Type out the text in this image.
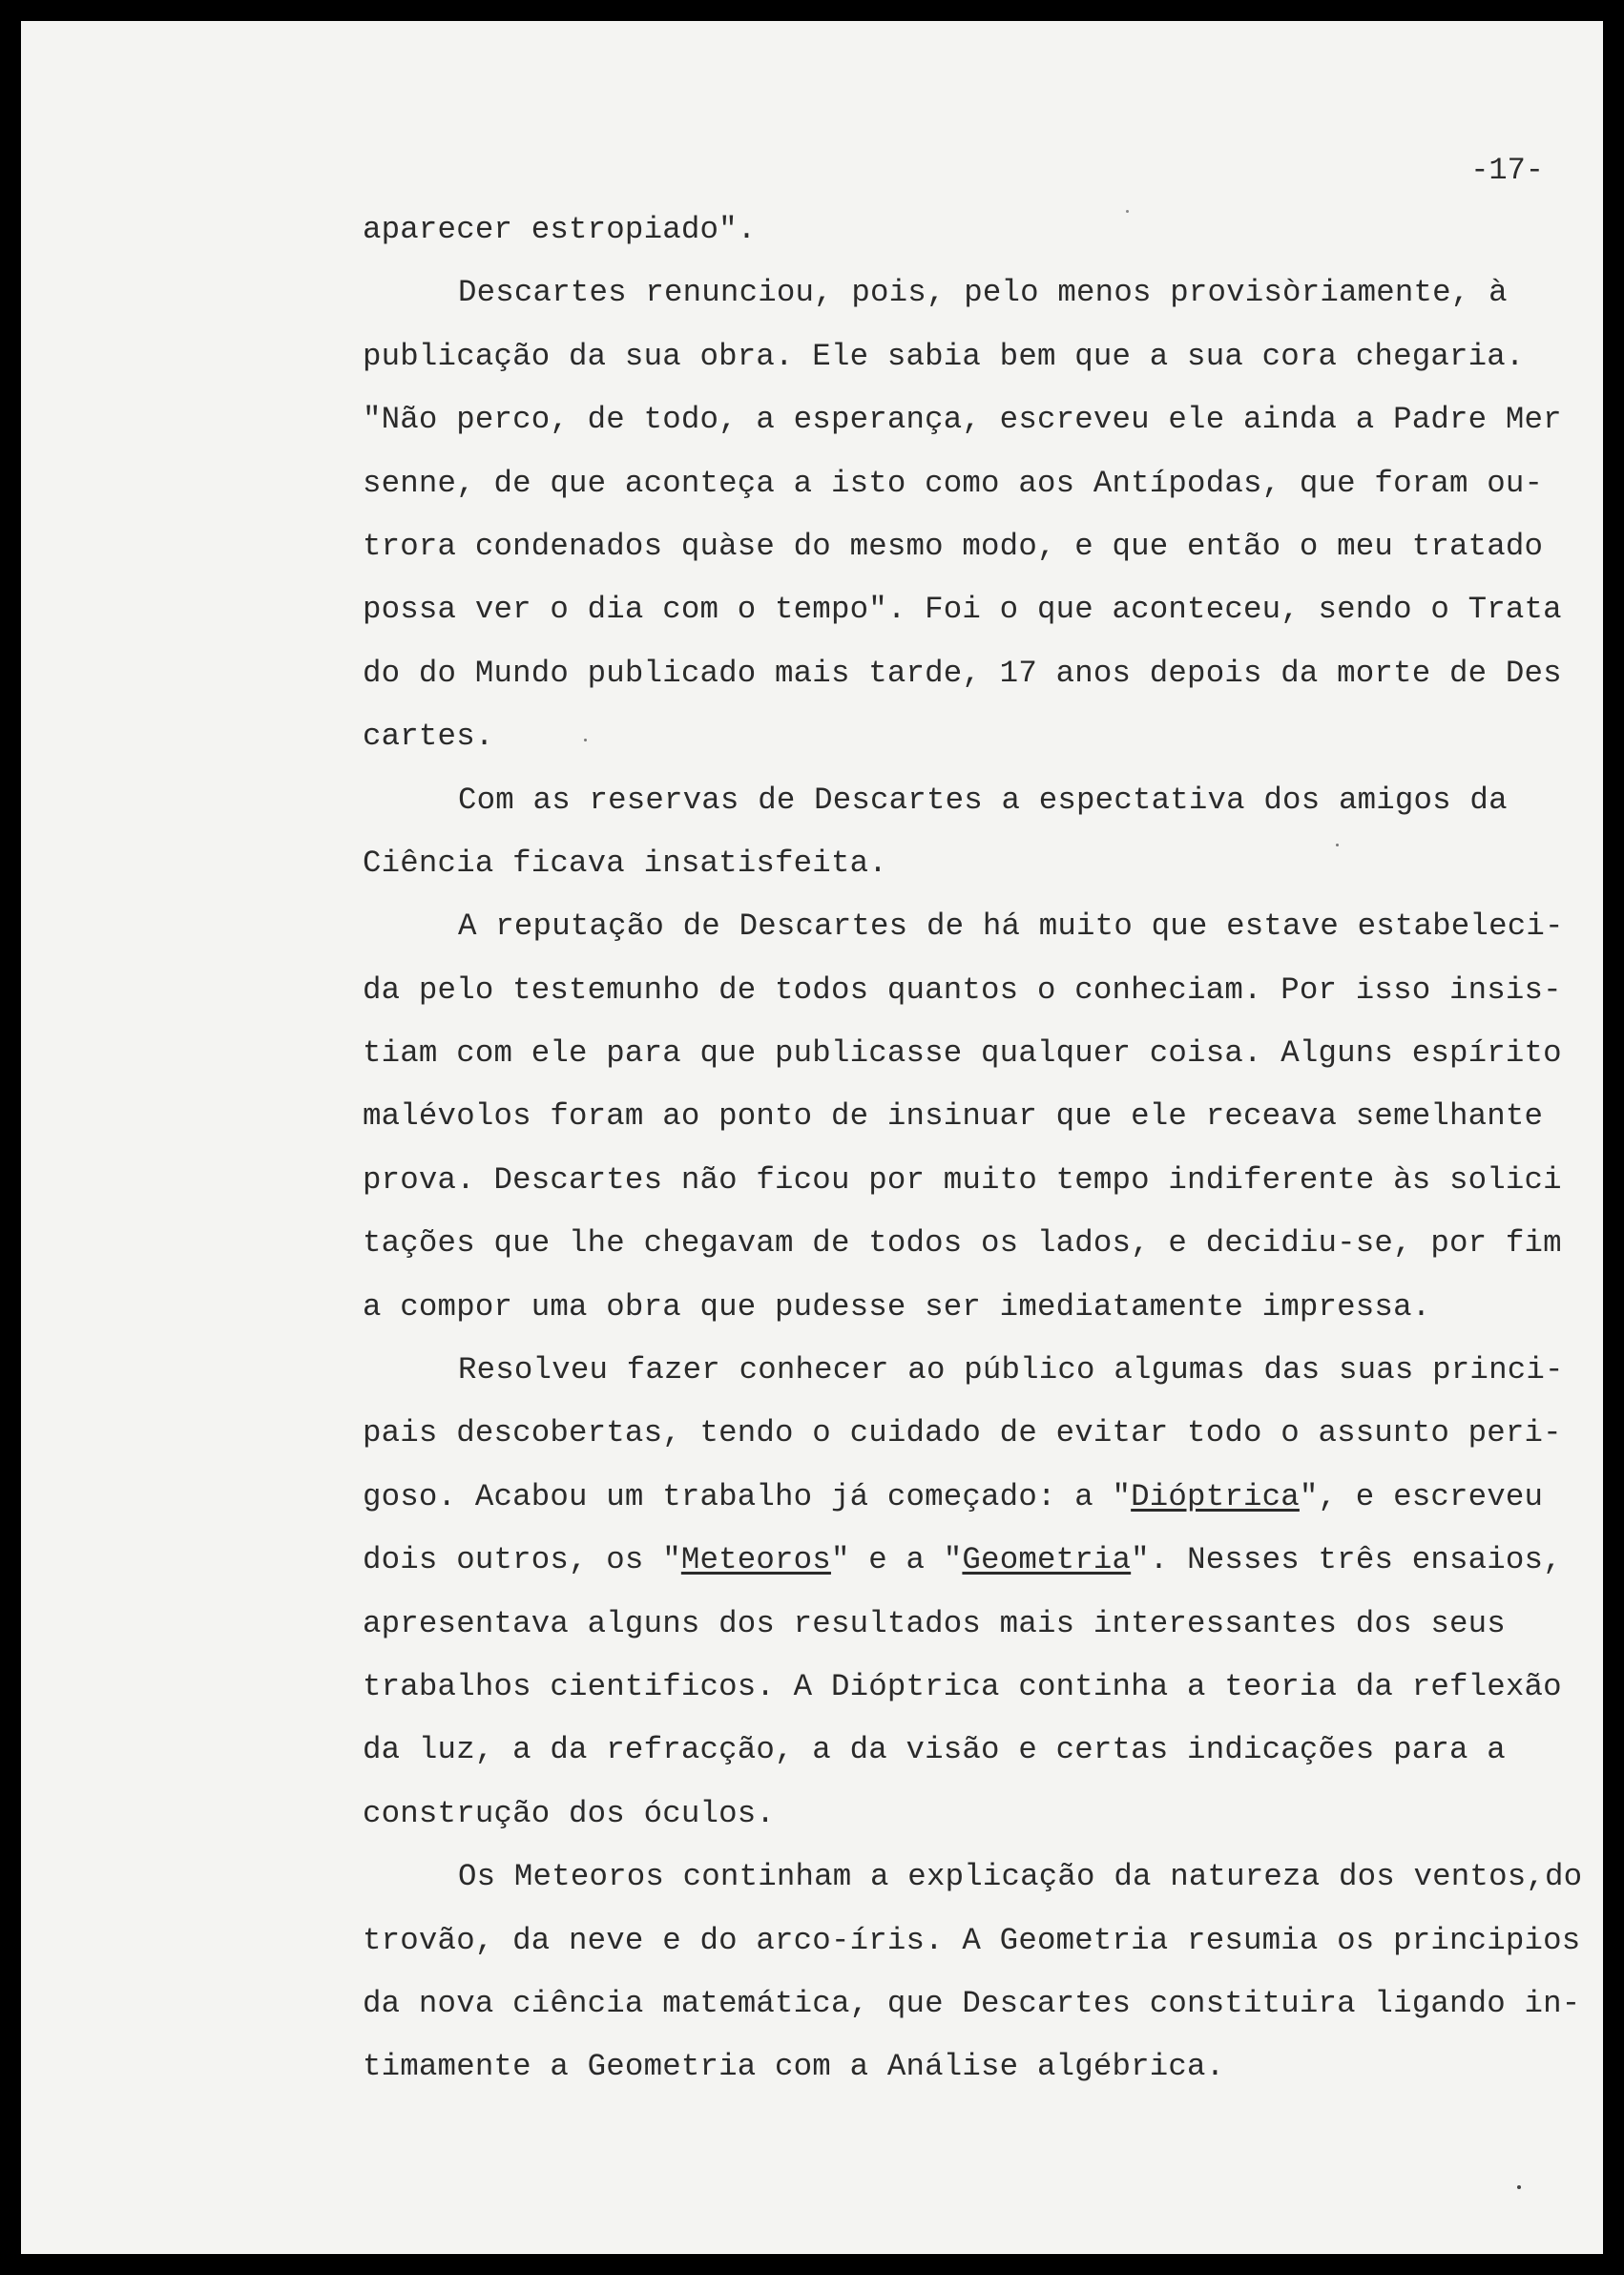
-17-

aparecer estropiado".
Descartes renunciou, pois, pelo menos provisòriamente, à
publicação da sua obra. Ele sabia bem que a sua cora chegaria.
"Não perco, de todo, a esperança, escreveu ele ainda a Padre Mer
senne, de que aconteça a isto como aos Antípodas, que foram ou-
trora condenados quàse do mesmo modo, e que então o meu tratado
possa ver o dia com o tempo". Foi o que aconteceu, sendo o Trata
do do Mundo publicado mais tarde, 17 anos depois da morte de Des
cartes.
Com as reservas de Descartes a espectativa dos amigos da
Ciência ficava insatisfeita.
A reputação de Descartes de há muito que estave estabeleci-
da pelo testemunho de todos quantos o conheciam. Por isso insis-
tiam com ele para que publicasse qualquer coisa. Alguns espírito
malévolos foram ao ponto de insinuar que ele receava semelhante
prova. Descartes não ficou por muito tempo indiferente às solici
tações que lhe chegavam de todos os lados, e decidiu-se, por fim
a compor uma obra que pudesse ser imediatamente impressa.
Resolveu fazer conhecer ao público algumas das suas princi-
pais descobertas, tendo o cuidado de evitar todo o assunto peri-
goso. Acabou um trabalho já começado: a "Dióptrica", e escreveu
dois outros, os "Meteoros" e a "Geometria". Nesses três ensaios,
apresentava alguns dos resultados mais interessantes dos seus
trabalhos cientificos. A Dióptrica continha a teoria da reflexão
da luz, a da refracção, a da visão e certas indicações para a
construção dos óculos.
Os Meteoros continham a explicação da natureza dos ventos,do
trovão, da neve e do arco-íris. A Geometria resumia os principios
da nova ciência matemática, que Descartes constituira ligando in-
timamente a Geometria com a Análise algébrica.
